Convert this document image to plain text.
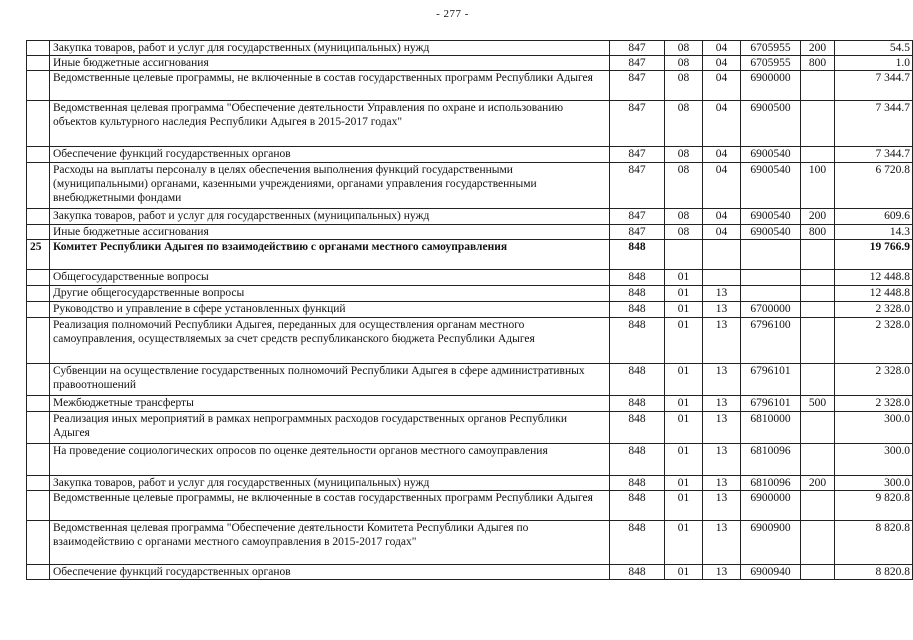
- 277 -
	Закупка товаров, работ и услуг для государственных (муниципальных) нужд	847	08	04	6705955	200	54.5
	Иные бюджетные ассигнования	847	08	04	6705955	800	1.0
	Ведомственные целевые программы, не включенные в состав государственных программ Республики Адыгея	847	08	04	6900000		7 344.7
	Ведомственная целевая программа "Обеспечение деятельности Управления по охране и использованию объектов культурного наследия Республики Адыгея в 2015-2017 годах"	847	08	04	6900500		7 344.7
	Обеспечение функций государственных органов	847	08	04	6900540		7 344.7
	Расходы на выплаты персоналу в целях обеспечения выполнения функций государственными (муниципальными) органами, казенными учреждениями, органами управления государственными внебюджетными фондами	847	08	04	6900540	100	6 720.8
	Закупка товаров, работ и услуг для государственных (муниципальных) нужд	847	08	04	6900540	200	609.6
	Иные бюджетные ассигнования	847	08	04	6900540	800	14.3
25	Комитет Республики Адыгея по взаимодействию с органами местного самоуправления	848					19 766.9
	Общегосударственные вопросы	848	01				12 448.8
	Другие общегосударственные вопросы	848	01	13			12 448.8
	Руководство и управление в сфере установленных функций	848	01	13	6700000		2 328.0
	Реализация полномочий Республики Адыгея, переданных для осуществления органам местного самоуправления, осуществляемых за счет средств республиканского бюджета Республики Адыгея	848	01	13	6796100		2 328.0
	Субвенции на осуществление государственных полномочий Республики Адыгея в сфере административных правоотношений	848	01	13	6796101		2 328.0
	Межбюджетные трансферты	848	01	13	6796101	500	2 328.0
	Реализация иных мероприятий в рамках непрограммных расходов государственных органов Республики Адыгея	848	01	13	6810000		300.0
	На проведение социологических опросов по оценке деятельности органов местного самоуправления	848	01	13	6810096		300.0
	Закупка товаров, работ и услуг для государственных (муниципальных) нужд	848	01	13	6810096	200	300.0
	Ведомственные целевые программы, не включенные в состав государственных программ Республики Адыгея	848	01	13	6900000		9 820.8
	Ведомственная целевая программа "Обеспечение деятельности Комитета Республики Адыгея по взаимодействию с органами местного самоуправления в 2015-2017 годах"	848	01	13	6900900		8 820.8
	Обеспечение функций государственных органов	848	01	13	6900940		8 820.8
